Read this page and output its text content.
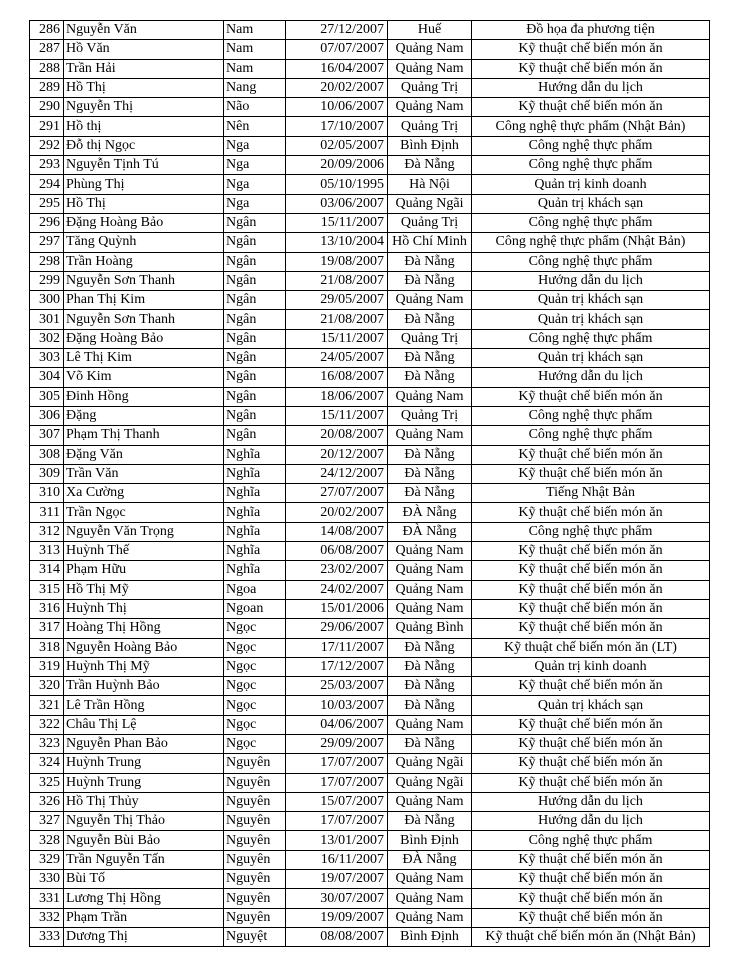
286	Nguyễn Văn	Nam	27/12/2007	Huế	Đồ họa đa phương tiện
287	Hồ Văn	Nam	07/07/2007	Quảng Nam	Kỹ thuật chế biến món ăn
288	Trần Hải	Nam	16/04/2007	Quảng Nam	Kỹ thuật chế biến món ăn
289	Hồ Thị	Nang	20/02/2007	Quảng Trị	Hướng dẫn du lịch
290	Nguyễn Thị	Não	10/06/2007	Quảng Nam	Kỹ thuật chế biến món ăn
291	Hồ thị	Nên	17/10/2007	Quảng Trị	Công nghệ thực phẩm (Nhật Bản)
292	Đỗ thị Ngọc	Nga	02/05/2007	Bình Định	Công nghệ thực phẩm
293	Nguyễn Tịnh Tú	Nga	20/09/2006	Đà Nẵng	Công nghệ thực phẩm
294	Phùng Thị	Nga	05/10/1995	Hà Nội	Quản trị kinh doanh
295	Hồ Thị	Nga	03/06/2007	Quảng Ngãi	Quản trị khách sạn
296	Đặng Hoàng Bảo	Ngân	15/11/2007	Quảng Trị	Công nghệ thực phẩm
297	Tăng Quỳnh	Ngân	13/10/2004	Hồ Chí Minh	Công nghệ thực phẩm (Nhật Bản)
298	Trần Hoàng	Ngân	19/08/2007	Đà Nẵng	Công nghệ thực phẩm
299	Nguyễn Sơn Thanh	Ngân	21/08/2007	Đà Nẵng	Hướng dẫn du lịch
300	Phan Thị Kim	Ngân	29/05/2007	Quảng Nam	Quản trị khách sạn
301	Nguyễn Sơn Thanh	Ngân	21/08/2007	Đà Nẵng	Quản trị khách sạn
302	Đặng Hoàng Bảo	Ngân	15/11/2007	Quảng Trị	Công nghệ thực phẩm
303	Lê Thị Kim	Ngân	24/05/2007	Đà Nẵng	Quản trị khách sạn
304	Võ Kim	Ngân	16/08/2007	Đà Nẵng	Hướng dẫn du lịch
305	Đinh Hồng	Ngân	18/06/2007	Quảng Nam	Kỹ thuật chế biến món ăn
306	Đặng	Ngân	15/11/2007	Quảng Trị	Công nghệ thực phẩm
307	Phạm Thị Thanh	Ngân	20/08/2007	Quảng Nam	Công nghệ thực phẩm
308	Đặng Văn	Nghĩa	20/12/2007	Đà Nẵng	Kỹ thuật chế biến món ăn
309	Trần Văn	Nghĩa	24/12/2007	Đà Nẵng	Kỹ thuật chế biến món ăn
310	Xa Cường	Nghĩa	27/07/2007	Đà Nẵng	Tiếng Nhật Bản
311	Trần Ngọc	Nghĩa	20/02/2007	ĐÀ Nẵng	Kỹ thuật chế biến món ăn
312	Nguyễn Văn Trọng	Nghĩa	14/08/2007	ĐÀ Nẵng	Công nghệ thực phẩm
313	Huỳnh Thế	Nghĩa	06/08/2007	Quảng Nam	Kỹ thuật chế biến món ăn
314	Phạm Hữu	Nghĩa	23/02/2007	Quảng Nam	Kỹ thuật chế biến món ăn
315	Hồ Thị Mỹ	Ngoa	24/02/2007	Quảng Nam	Kỹ thuật chế biến món ăn
316	Huỳnh Thị	Ngoan	15/01/2006	Quảng Nam	Kỹ thuật chế biến món ăn
317	Hoàng Thị Hồng	Ngọc	29/06/2007	Quảng Bình	Kỹ thuật chế biến món ăn
318	Nguyễn Hoàng Bảo	Ngọc	17/11/2007	Đà Nẵng	Kỹ thuật chế biến món ăn (LT)
319	Huỳnh Thị Mỹ	Ngọc	17/12/2007	Đà Nẵng	Quản trị kinh doanh
320	Trần Huỳnh Bảo	Ngọc	25/03/2007	Đà Nẵng	Kỹ thuật chế biến món ăn
321	Lê Trần Hồng	Ngọc	10/03/2007	Đà Nẵng	Quản trị khách sạn
322	Châu Thị Lệ	Ngọc	04/06/2007	Quảng Nam	Kỹ thuật chế biến món ăn
323	Nguyễn Phan Bảo	Ngọc	29/09/2007	Đà Nẵng	Kỹ thuật chế biến món ăn
324	Huỳnh Trung	Nguyên	17/07/2007	Quảng Ngãi	Kỹ thuật chế biến món ăn
325	Huỳnh Trung	Nguyên	17/07/2007	Quảng Ngãi	Kỹ thuật chế biến món ăn
326	Hồ Thị Thủy	Nguyên	15/07/2007	Quảng Nam	Hướng dẫn du lịch
327	Nguyễn Thị Thảo	Nguyên	17/07/2007	Đà Nẵng	Hướng dẫn du lịch
328	Nguyễn Bùi Bảo	Nguyên	13/01/2007	Bình Định	Công nghệ thực phẩm
329	Trần Nguyễn Tấn	Nguyên	16/11/2007	ĐÀ Nẵng	Kỹ thuật chế biến món ăn
330	Bùi Tố	Nguyên	19/07/2007	Quảng Nam	Kỹ thuật chế biến món ăn
331	Lương Thị Hồng	Nguyên	30/07/2007	Quảng Nam	Kỹ thuật chế biến món ăn
332	Phạm Trần	Nguyên	19/09/2007	Quảng Nam	Kỹ thuật chế biến món ăn
333	Dương Thị	Nguyệt	08/08/2007	Bình Định	Kỹ thuật chế biến món ăn (Nhật Bản)
